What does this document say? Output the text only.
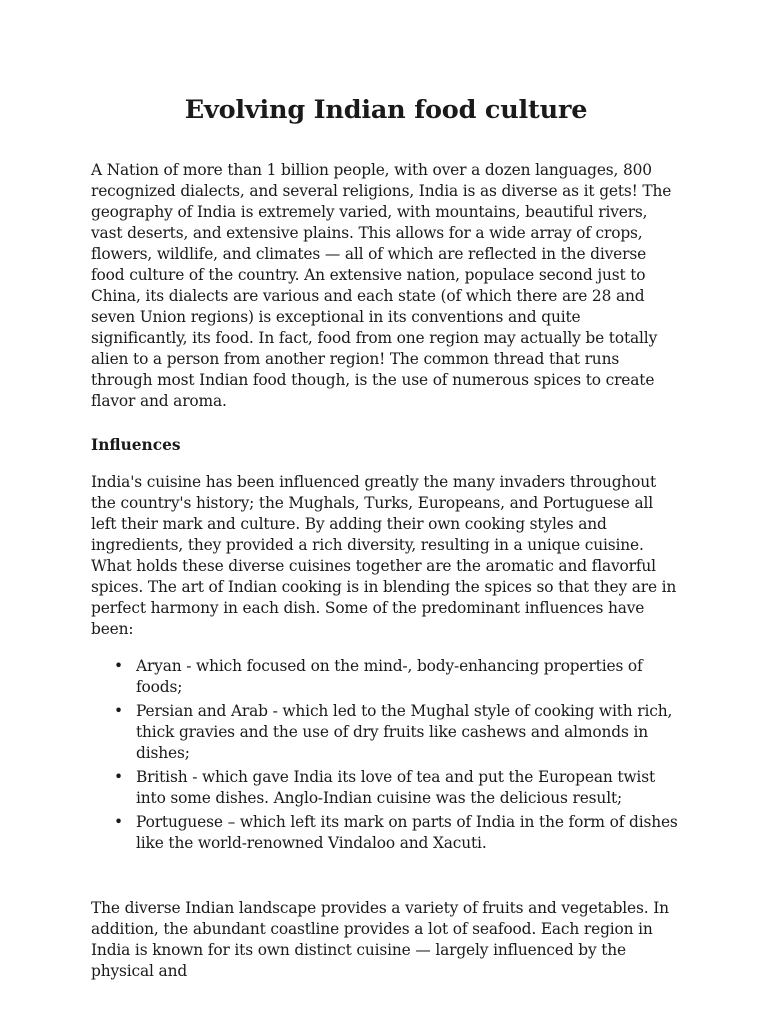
Evolving Indian food culture

A Nation of more than 1 billion people, with over a dozen languages, 800 recognized dialects, and several religions, India is as diverse as it gets! The geography of India is extremely varied, with mountains, beautiful rivers, vast deserts, and extensive plains. This allows for a wide array of crops, flowers, wildlife, and climates — all of which are reflected in the diverse food culture of the country. An extensive nation, populace second just to China, its dialects are various and each state (of which there are 28 and seven Union regions) is exceptional in its conventions and quite significantly, its food. In fact, food from one region may actually be totally alien to a person from another region! The common thread that runs through most Indian food though, is the use of numerous spices to create flavor and aroma.

Influences

India's cuisine has been influenced greatly the many invaders throughout the country's history; the Mughals, Turks, Europeans, and Portuguese all left their mark and culture. By adding their own cooking styles and ingredients, they provided a rich diversity, resulting in a unique cuisine. What holds these diverse cuisines together are the aromatic and flavorful spices. The art of Indian cooking is in blending the spices so that they are in perfect harmony in each dish. Some of the predominant influences have been:

• Aryan - which focused on the mind-, body-enhancing properties of foods;
• Persian and Arab - which led to the Mughal style of cooking with rich, thick gravies and the use of dry fruits like cashews and almonds in dishes;
• British - which gave India its love of tea and put the European twist into some dishes. Anglo-Indian cuisine was the delicious result;
• Portuguese – which left its mark on parts of India in the form of dishes like the world-renowned Vindaloo and Xacuti.

The diverse Indian landscape provides a variety of fruits and vegetables. In addition, the abundant coastline provides a lot of seafood. Each region in India is known for its own distinct cuisine — largely influenced by the physical and
